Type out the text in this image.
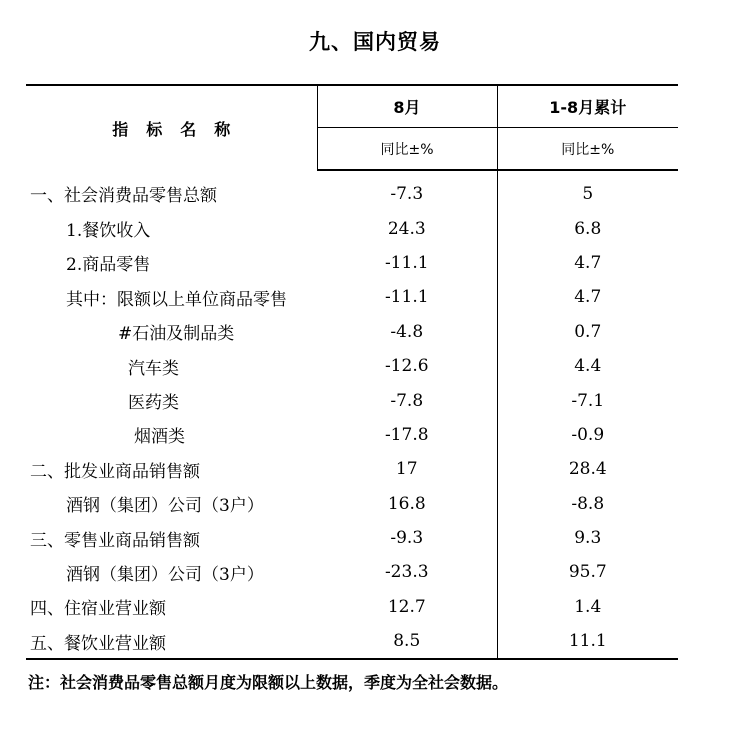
九、国内贸易
指标名称	8月	1-8月累计
	同比±%	同比±%
一、社会消费品零售总额	-7.3	5
1.餐饮收入	24.3	6.8
2.商品零售	-11.1	4.7
其中：限额以上单位商品零售	-11.1	4.7
#石油及制品类	-4.8	0.7
汽车类	-12.6	4.4
医药类	-7.8	-7.1
烟酒类	-17.8	-0.9
二、批发业商品销售额	17	28.4
酒钢（集团）公司（3户）	16.8	-8.8
三、零售业商品销售额	-9.3	9.3
酒钢（集团）公司（3户）	-23.3	95.7
四、住宿业营业额	12.7	1.4
五、餐饮业营业额	8.5	11.1
注：社会消费品零售总额月度为限额以上数据，季度为全社会数据。
